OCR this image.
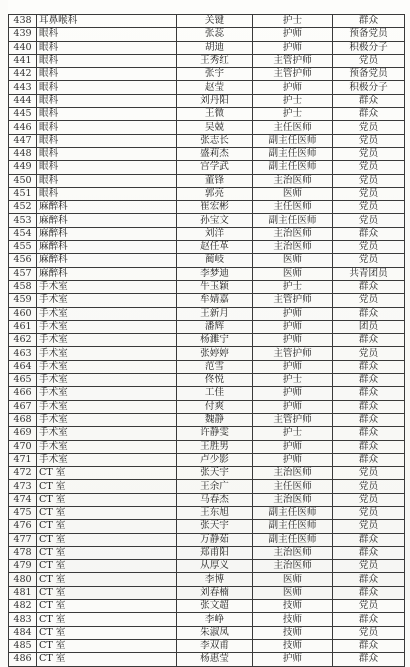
438	耳鼻喉科	关键	护士	群众
439	眼科	张蕊	护师	预备党员
440	眼科	胡迪	护师	积极分子
441	眼科	王秀红	主管护师	党员
442	眼科	张宇	主管护师	预备党员
443	眼科	赵莹	护师	积极分子
444	眼科	刘丹阳	护士	群众
445	眼科	王微	护士	群众
446	眼科	吴兢	主任医师	党员
447	眼科	张志长	副主任医师	党员
448	眼科	盛莉杰	副主任医师	党员
449	眼科	宫学武	副主任医师	党员
450	眼科	董锋	主治医师	党员
451	眼科	郭亮	医师	党员
452	麻醉科	崔宏彬	主任医师	党员
453	麻醉科	孙宝文	副主任医师	党员
454	麻醉科	刘洋	主治医师	群众
455	麻醉科	赵任革	主治医师	党员
456	麻醉科	蔺岐	医师	党员
457	麻醉科	李梦迪	医师	共青团员
458	手术室	牛玉颖	护士	群众
459	手术室	牟婧嘉	主管护师	党员
460	手术室	王新月	护师	群众
461	手术室	潘辉	护师	团员
462	手术室	杨濉宁	护师	群众
463	手术室	张婷婷	主管护师	党员
464	手术室	范雪	护师	群众
465	手术室	佟悦	护士	群众
466	手术室	工佳	护师	群众
467	手术室	付爽	护师	群众
468	手术室	魏静	主管护师	群众
469	手术室	许静雯	护士	群众
470	手术室	王胜男	护师	群众
471	手术室	卢少影	护师	群众
472	CT 室	张天宇	主治医师	党员
473	CT 室	王余广	主任医师	党员
474	CT 室	马春杰	主治医师	党员
475	CT 室	王东旭	副主任医师	党员
476	CT 室	张天宇	副主任医师	党员
477	CT 室	万静茹	副主任医师	群众
478	CT 室	郑甫阳	主治医师	群众
479	CT 室	从厚义	主治医师	党员
480	CT 室	李博	医师	群众
481	CT 室	刘春楠	医师	群众
482	CT 室	张文超	技师	党员
483	CT 室	李峥	技师	群众
484	CT 室	朱淑凤	技师	党员
485	CT 室	李双甫	技师	群众
486	CT 室	杨惠莹	护师	群众
